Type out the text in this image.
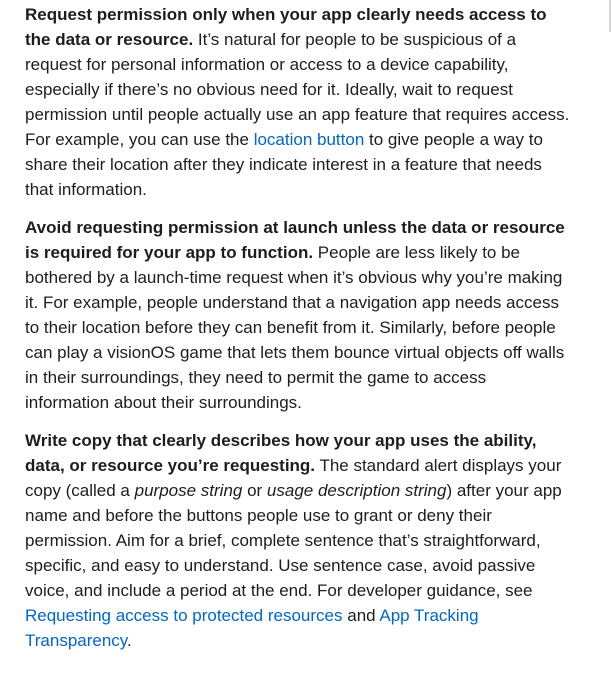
Request permission only when your app clearly needs access to the data or resource. It’s natural for people to be suspicious of a request for personal information or access to a device capability, especially if there’s no obvious need for it. Ideally, wait to request permission until people actually use an app feature that requires access. For example, you can use the location button to give people a way to share their location after they indicate interest in a feature that needs that information.

Avoid requesting permission at launch unless the data or resource is required for your app to function. People are less likely to be bothered by a launch-time request when it’s obvious why you’re making it. For example, people understand that a navigation app needs access to their location before they can benefit from it. Similarly, before people can play a visionOS game that lets them bounce virtual objects off walls in their surroundings, they need to permit the game to access information about their surroundings.

Write copy that clearly describes how your app uses the ability, data, or resource you’re requesting. The standard alert displays your copy (called a purpose string or usage description string) after your app name and before the buttons people use to grant or deny their permission. Aim for a brief, complete sentence that’s straightforward, specific, and easy to understand. Use sentence case, avoid passive voice, and include a period at the end. For developer guidance, see Requesting access to protected resources and App Tracking Transparency.
